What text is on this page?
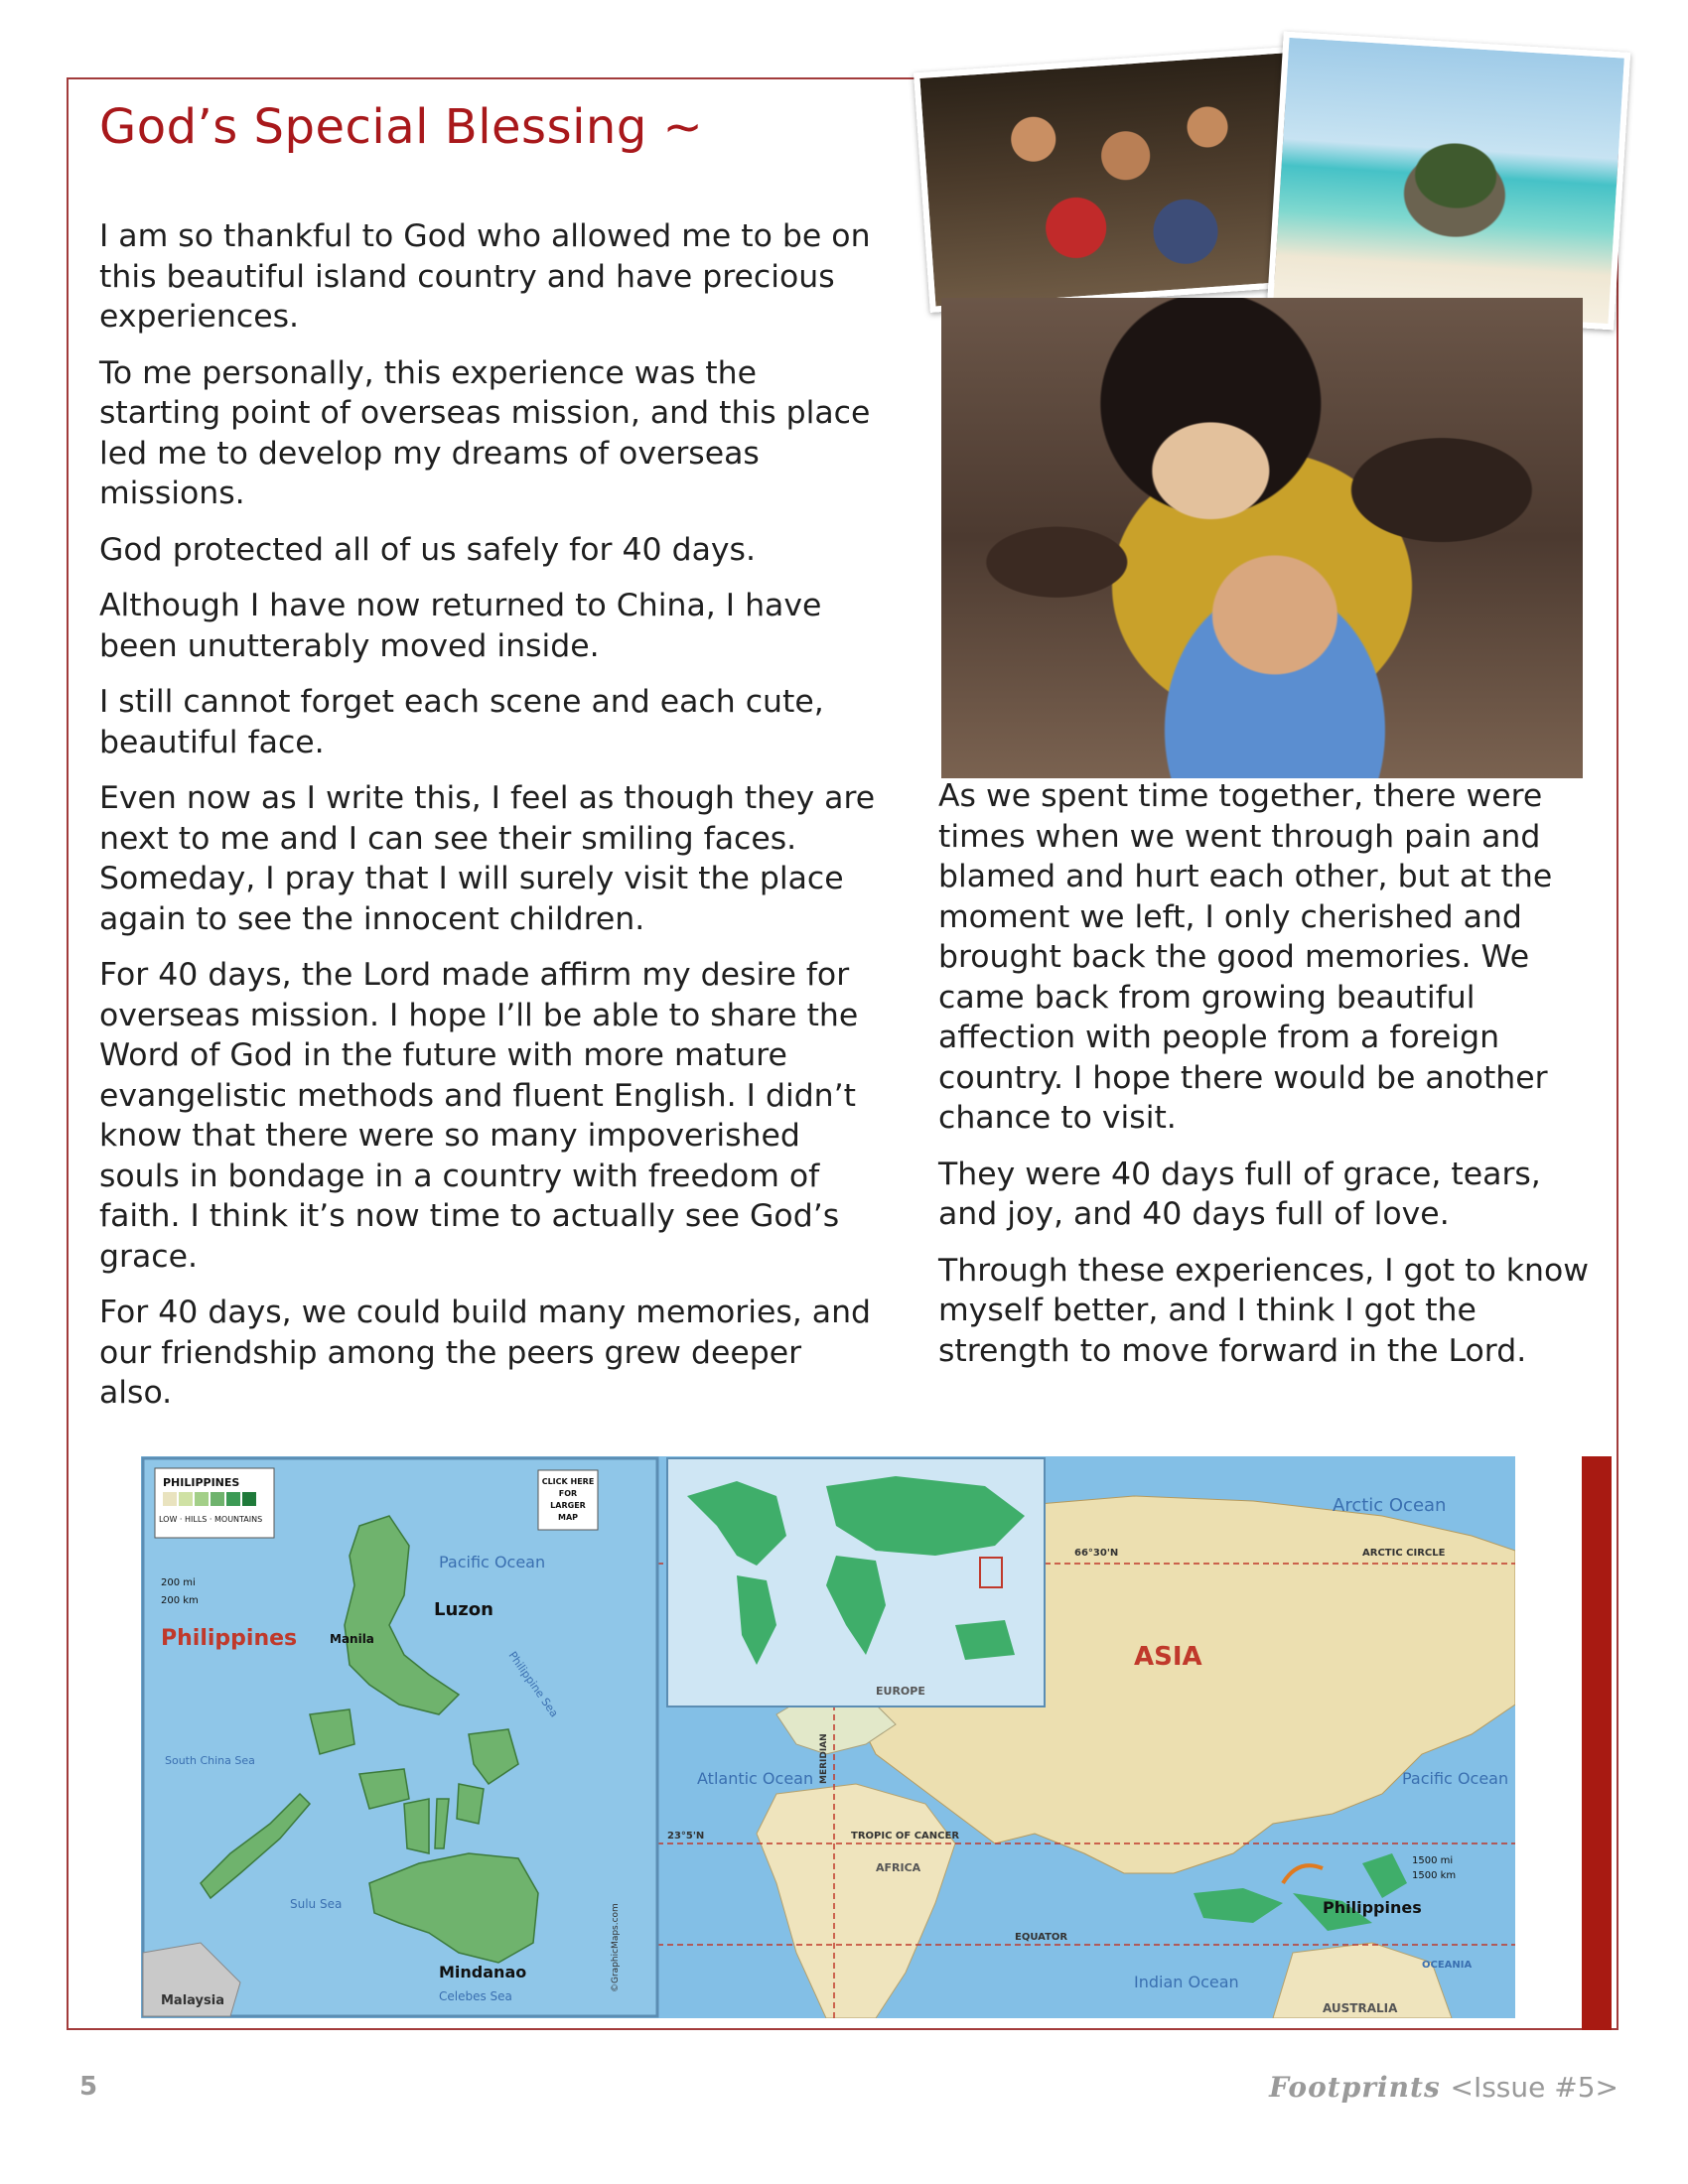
God’s Special Blessing ~

I am so thankful to God who allowed me to be on this beautiful island country and have precious experiences.

To me personally, this experience was the starting point of overseas mission, and this place led me to develop my dreams of overseas missions.

God protected all of us safely for 40 days.

Although I have now returned to China, I have been unutterably moved inside.

I still cannot forget each scene and each cute, beautiful face.

Even now as I write this, I feel as though they are next to me and I can see their smiling faces. Someday, I pray that I will surely visit the place again to see the innocent children.

For 40 days, the Lord made affirm my desire for overseas mission. I hope I’ll be able to share the Word of God in the future with more mature evangelistic methods and fluent English. I didn’t know that there were so many impoverished souls in bondage in a country with freedom of faith. I think it’s now time to actually see God’s grace.

For 40 days, we could build many memories, and our friendship among the peers grew deeper also.

As we spent time together, there were times when we went through pain and blamed and hurt each other, but at the moment we left, I only cherished and brought back the good memories. We came back from growing beautiful affection with people from a foreign country. I hope there would be another chance to visit.

They were 40 days full of grace, tears, and joy, and 40 days full of love.

Through these experiences, I got to know myself better, and I think I got the strength to move forward in the Lord.

PHILIPPINES
LOW · HILLS · MOUNTAINS
CLICK HERE
FOR
LARGER
MAP
Philippines
Luzon
Mindanao
Pacific Ocean
Philippine Sea
South China Sea
Sulu Sea
Celebes Sea
Malaysia
Manila
200 mi
200 km
©GraphicMaps.com
ASIA
Arctic Ocean
ARCTIC CIRCLE
66°30'N
EUROPE
AFRICA
Atlantic Ocean	Pacific Ocean
Indian Ocean
TROPIC OF CANCER
23°5'N
EQUATOR
OCEANIA
AUSTRALIA
Philippines
MERIDIAN
1500 mi
1500 km
5	Footprints <Issue #5>
